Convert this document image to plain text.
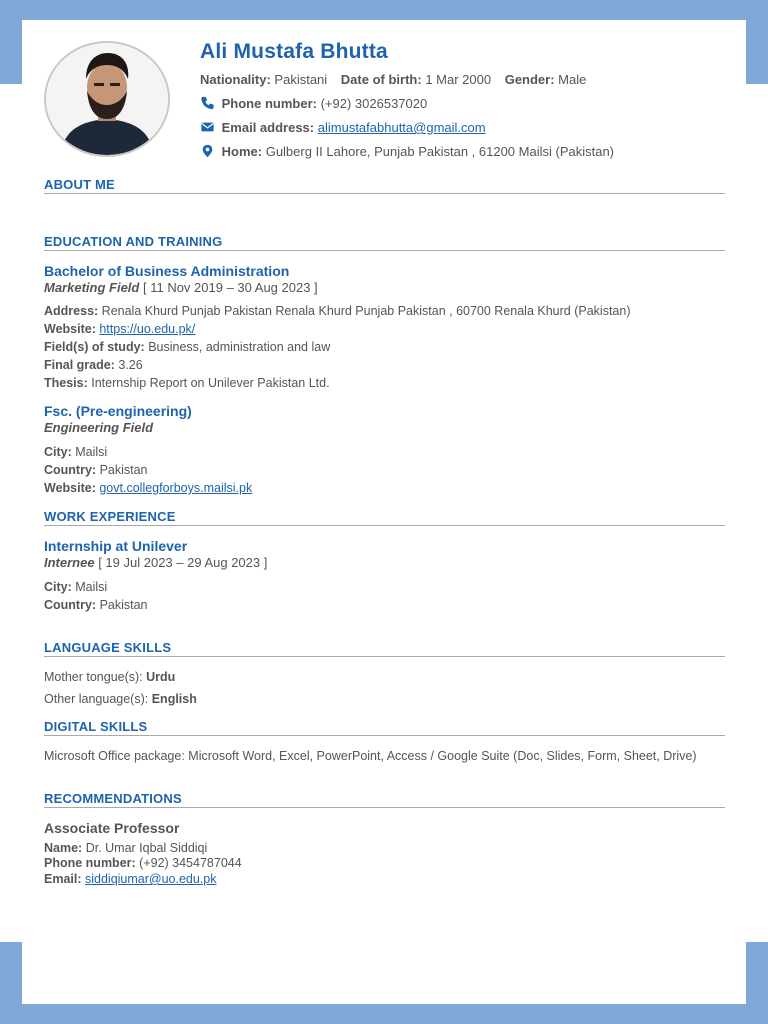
Ali Mustafa Bhutta
Nationality: Pakistani Date of birth: 1 Mar 2000 Gender: Male
Phone number: (+92) 3026537020
Email address: alimustafabhutta@gmail.com
Home: Gulberg II Lahore, Punjab Pakistan , 61200 Mailsi (Pakistan)
ABOUT ME
EDUCATION AND TRAINING
Bachelor of Business Administration
Marketing Field [ 11 Nov 2019 – 30 Aug 2023 ]
Address: Renala Khurd Punjab Pakistan Renala Khurd Punjab Pakistan , 60700 Renala Khurd (Pakistan)
Website: https://uo.edu.pk/
Field(s) of study: Business, administration and law
Final grade: 3.26
Thesis: Internship Report on Unilever Pakistan Ltd.
Fsc. (Pre-engineering)
Engineering Field
City: Mailsi
Country: Pakistan
Website: govt.collegforboys.mailsi.pk
WORK EXPERIENCE
Internship at Unilever
Internee [ 19 Jul 2023 – 29 Aug 2023 ]
City: Mailsi
Country: Pakistan
LANGUAGE SKILLS
Mother tongue(s): Urdu
Other language(s): English
DIGITAL SKILLS
Microsoft Office package: Microsoft Word, Excel, PowerPoint, Access / Google Suite (Doc, Slides, Form, Sheet, Drive)
RECOMMENDATIONS
Associate Professor
Name: Dr. Umar Iqbal Siddiqi
Phone number: (+92) 3454787044
Email: siddiqiumar@uo.edu.pk
